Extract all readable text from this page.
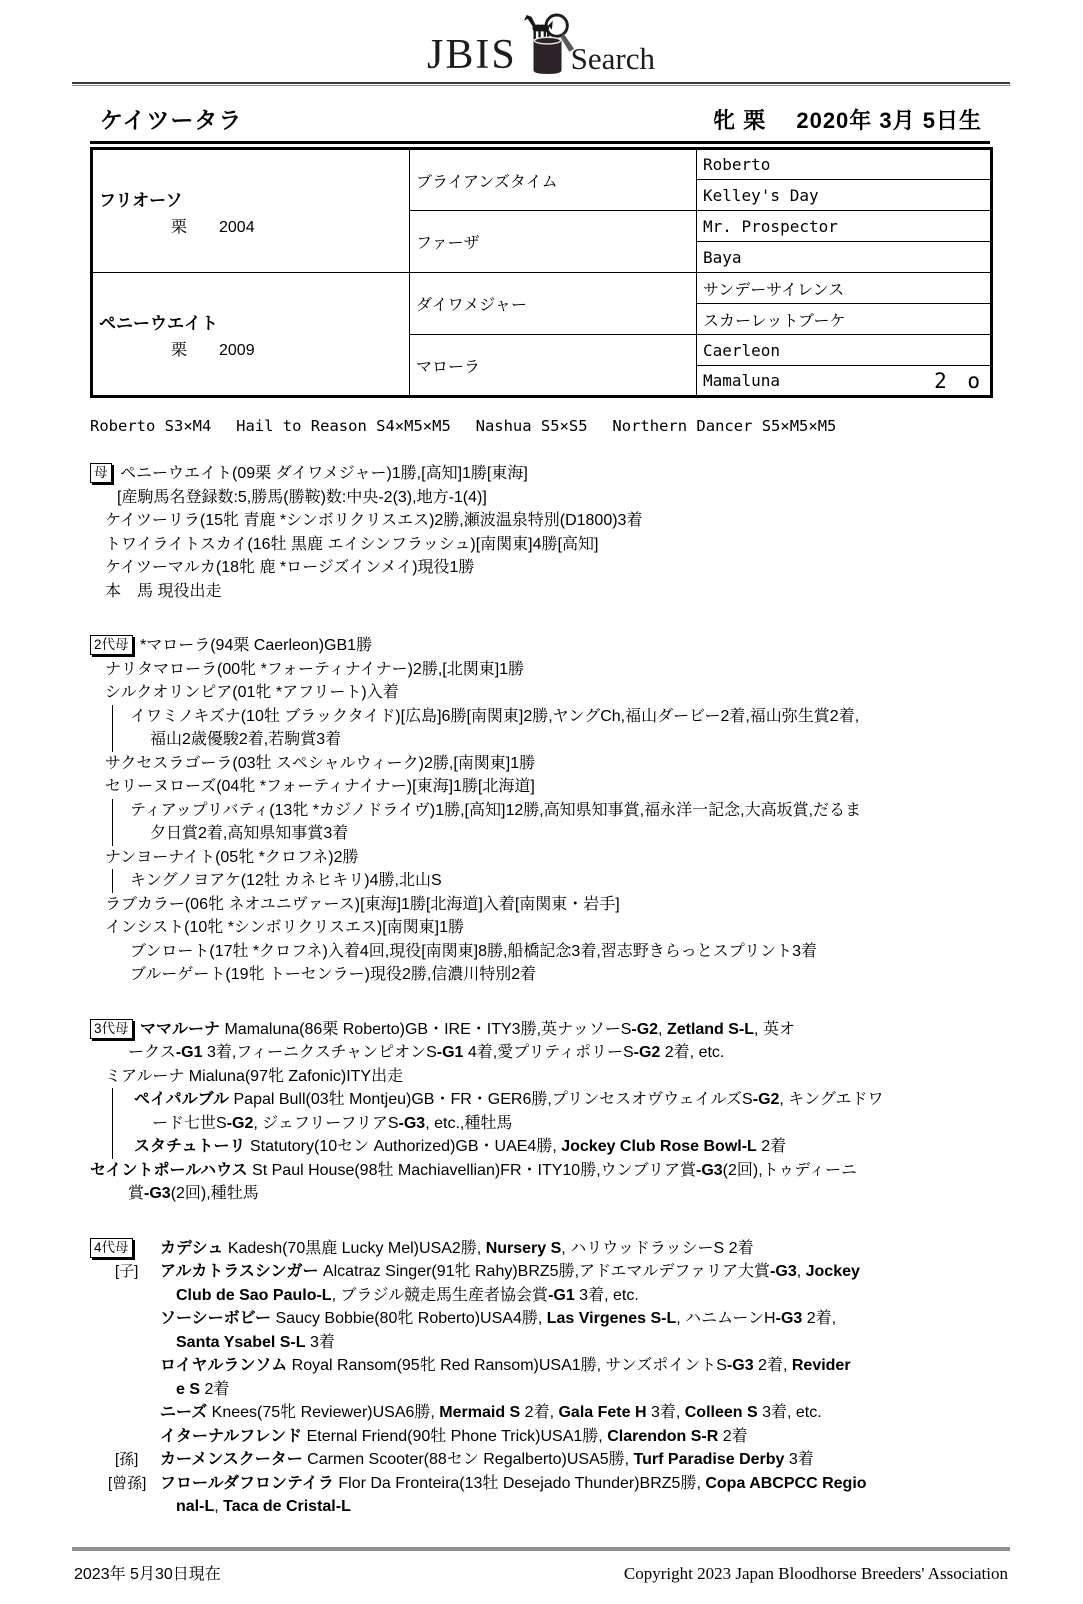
JBIS Search
ケイツータラ	牝 栗　 2020年 3月 5日生
フリオーソ
栗　　2004	ブライアンズタイム	Roberto
		Kelley's Day
	ファーザ	Mr. Prospector
		Baya

ペニーウエイト
栗　　2009	ダイワメジャー	サンデーサイレンス
		スカーレットブーケ
	マローラ	Caerleon

		Mamaluna 2 o
Roberto S3×M4　 Hail to Reason S4×M5×M5　 Nashua S5×S5　 Northern Dancer S5×M5×M5
母 ペニーウエイト(09栗 ダイワメジャー)1勝,[高知]1勝[東海]
[産駒馬名登録数:5,勝馬(勝鞍)数:中央-2(3),地方-1(4)]
ケイツーリラ(15牝 青鹿 *シンボリクリスエス)2勝,瀬波温泉特別(D1800)3着
トワイライトスカイ(16牡 黒鹿 エイシンフラッシュ)[南関東]4勝[高知]
ケイツーマルカ(18牝 鹿 *ロージズインメイ)現役1勝
本　馬 現役出走
2代母 *マローラ(94栗 Caerleon)GB1勝
ナリタマローラ(00牝 *フォーティナイナー)2勝,[北関東]1勝
シルクオリンピア(01牝 *アフリート)入着
イワミノキズナ(10牡 ブラックタイド)[広島]6勝[南関東]2勝,ヤングCh,福山ダービー2着,福山弥生賞2着,
福山2歳優駿2着,若駒賞3着
サクセスラゴーラ(03牡 スペシャルウィーク)2勝,[南関東]1勝
セリーヌローズ(04牝 *フォーティナイナー)[東海]1勝[北海道]
ティアップリバティ(13牝 *カジノドライヴ)1勝,[高知]12勝,高知県知事賞,福永洋一記念,大高坂賞,だるま
夕日賞2着,高知県知事賞3着
ナンヨーナイト(05牝 *クロフネ)2勝
キングノヨアケ(12牡 カネヒキリ)4勝,北山S
ラブカラー(06牝 ネオユニヴァース)[東海]1勝[北海道]入着[南関東・岩手]
インシスト(10牝 *シンボリクリスエス)[南関東]1勝
ブンロート(17牡 *クロフネ)入着4回,現役[南関東]8勝,船橋記念3着,習志野きらっとスプリント3着
ブルーゲート(19牝 トーセンラー)現役2勝,信濃川特別2着
3代母 ママルーナ Mamaluna(86栗 Roberto)GB・IRE・ITY3勝,英ナッソーS-G2, Zetland S-L, 英オ
ークス-G1 3着,フィーニクスチャンピオンS-G1 4着,愛プリティポリーS-G2 2着, etc.
ミアルーナ Mialuna(97牝 Zafonic)ITY出走
ペイパルブル Papal Bull(03牡 Montjeu)GB・FR・GER6勝,プリンセスオヴウェイルズS-G2, キングエドワ
ード七世S-G2, ジェフリーフリアS-G3, etc.,種牡馬
スタチュトーリ Statutory(10セン Authorized)GB・UAE4勝, Jockey Club Rose Bowl-L 2着
セイントポールハウス St Paul House(98牡 Machiavellian)FR・ITY10勝,ウンブリア賞-G3(2回),トゥディーニ
賞-G3(2回),種牡馬
4代母	カデシュ Kadesh(70黒鹿 Lucky Mel)USA2勝, Nursery S, ハリウッドラッシーS 2着
[子]	アルカトラスシンガー Alcatraz Singer(91牝 Rahy)BRZ5勝,アドエマルデファリア大賞-G3, Jockey
Club de Sao Paulo-L, ブラジル競走馬生産者協会賞-G1 3着, etc.
ソーシーボビー Saucy Bobbie(80牝 Roberto)USA4勝, Las Virgenes S-L, ハニムーンH-G3 2着,
Santa Ysabel S-L 3着
ロイヤルランソム Royal Ransom(95牝 Red Ransom)USA1勝, サンズポイントS-G3 2着, Revider
e S 2着
ニーズ Knees(75牝 Reviewer)USA6勝, Mermaid S 2着, Gala Fete H 3着, Colleen S 3着, etc.
イターナルフレンド Eternal Friend(90牡 Phone Trick)USA1勝, Clarendon S-R 2着
[孫]	カーメンスクーター Carmen Scooter(88セン Regalberto)USA5勝, Turf Paradise Derby 3着
[曾孫] フロールダフロンテイラ Flor Da Fronteira(13牡 Desejado Thunder)BRZ5勝, Copa ABCPCC Regio
nal-L, Taca de Cristal-L
2023年 5月30日現在	Copyright 2023 Japan Bloodhorse Breeders' Association
